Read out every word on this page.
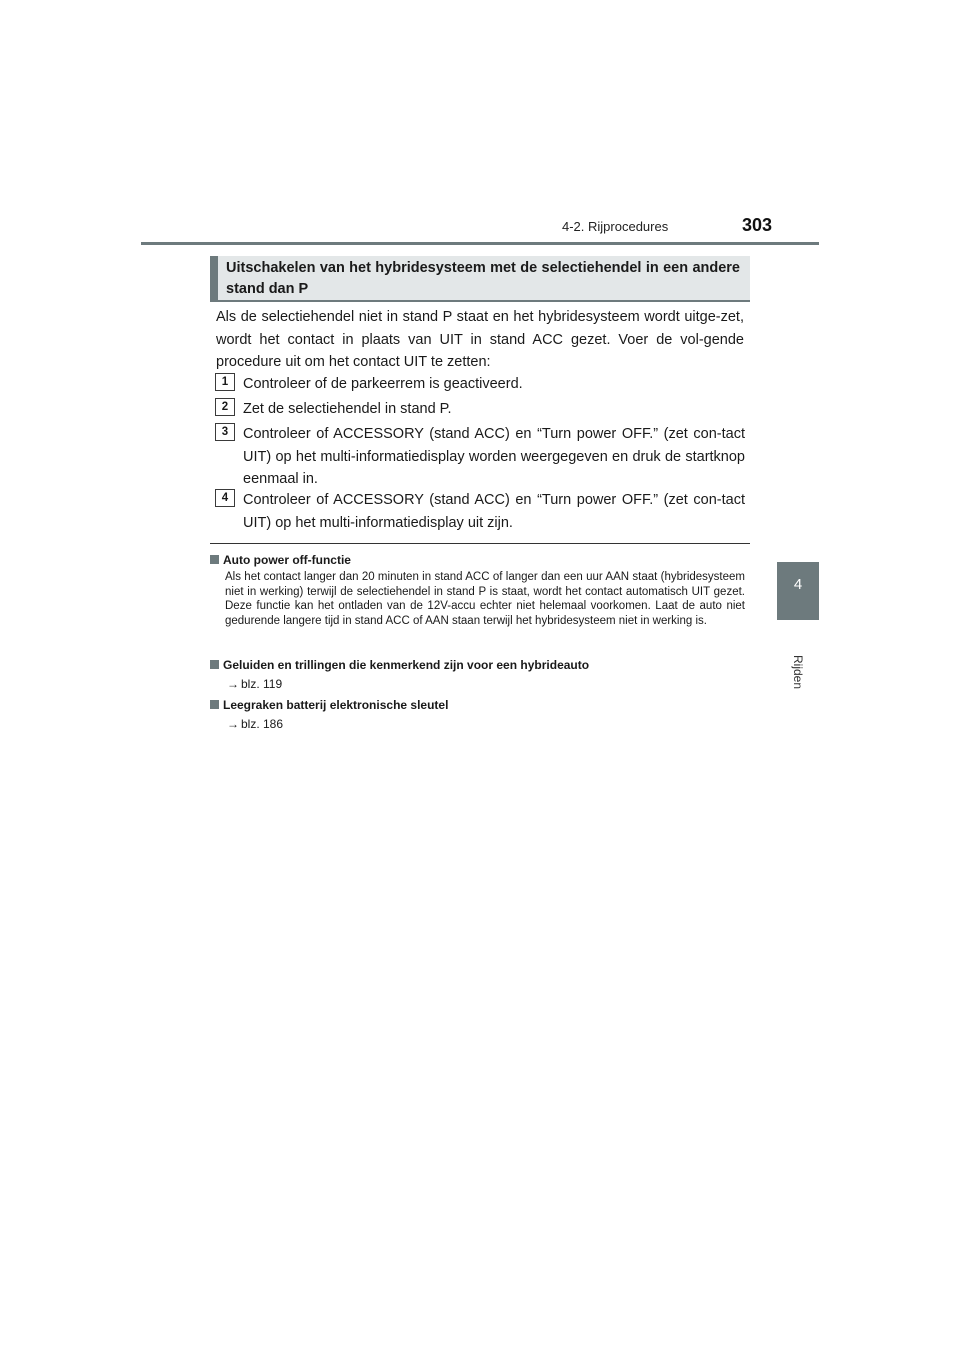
4-2. Rijprocedures	303
4
Rijden
Uitschakelen van het hybridesysteem met de selectiehendel in een andere stand dan P
Als de selectiehendel niet in stand P staat en het hybridesysteem wordt uitge-zet, wordt het contact in plaats van UIT in stand ACC gezet. Voer de vol-gende procedure uit om het contact UIT te zetten:
1	Controleer of de parkeerrem is geactiveerd.
2	Zet de selectiehendel in stand P.
3	Controleer of ACCESSORY (stand ACC) en “Turn power OFF.” (zet con-tact UIT) op het multi-informatiedisplay worden weergegeven en druk de startknop eenmaal in.
4	Controleer of ACCESSORY (stand ACC) en “Turn power OFF.” (zet con-tact UIT) op het multi-informatiedisplay uit zijn.
Auto power off-functie
Als het contact langer dan 20 minuten in stand ACC of langer dan een uur AAN staat (hybridesysteem niet in werking) terwijl de selectiehendel in stand P is staat, wordt het contact automatisch UIT gezet. Deze functie kan het ontladen van de 12V-accu echter niet helemaal voorkomen. Laat de auto niet gedurende langere tijd in stand ACC of AAN staan terwijl het hybridesysteem niet in werking is.
Geluiden en trillingen die kenmerkend zijn voor een hybrideauto
→ blz. 119
Leegraken batterij elektronische sleutel
→ blz. 186
